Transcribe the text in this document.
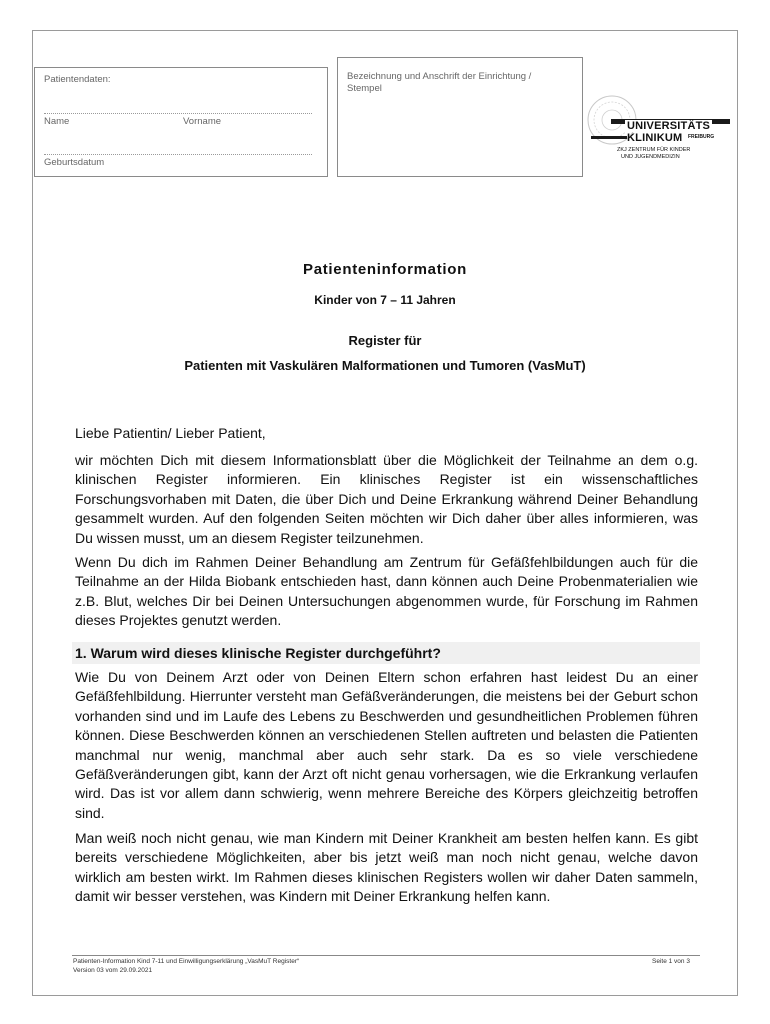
Patientendaten:
Name	Vorname
Geburtsdatum
Bezeichnung und Anschrift der Einrichtung /
Stempel
UNIVERSITÄTS
KLINIKUM FREIBURG
ZKJ ZENTRUM FÜR KINDER
UND JUGENDMEDIZIN
Patienteninformation
Kinder von 7 – 11 Jahren
Register für
Patienten mit Vaskulären Malformationen und Tumoren (VasMuT)

Liebe Patientin/ Lieber Patient,

wir möchten Dich mit diesem Informationsblatt über die Möglichkeit der Teilnahme an dem o.g. klinischen Register informieren. Ein klinisches Register ist ein wissenschaftliches Forschungsvorhaben mit Daten, die über Dich und Deine Erkrankung während Deiner Behandlung gesammelt wurden. Auf den folgenden Seiten möchten wir Dich daher über alles informieren, was Du wissen musst, um an diesem Register teilzunehmen.

Wenn Du dich im Rahmen Deiner Behandlung am Zentrum für Gefäßfehlbildungen auch für die Teilnahme an der Hilda Biobank entschieden hast, dann können auch Deine Probenmaterialien wie z.B. Blut, welches Dir bei Deinen Untersuchungen abgenommen wurde, für Forschung im Rahmen dieses Projektes genutzt werden.

1. Warum wird dieses klinische Register durchgeführt?

Wie Du von Deinem Arzt oder von Deinen Eltern schon erfahren hast leidest Du an einer Gefäßfehlbildung. Hierrunter versteht man Gefäßveränderungen, die meistens bei der Geburt schon vorhanden sind und im Laufe des Lebens zu Beschwerden und gesundheitlichen Problemen führen können. Diese Beschwerden können an verschiedenen Stellen auftreten und belasten die Patienten manchmal nur wenig, manchmal aber auch sehr stark. Da es so viele verschiedene Gefäßveränderungen gibt, kann der Arzt oft nicht genau vorhersagen, wie die Erkrankung verlaufen wird. Das ist vor allem dann schwierig, wenn mehrere Bereiche des Körpers gleichzeitig betroffen sind.

Man weiß noch nicht genau, wie man Kindern mit Deiner Krankheit am besten helfen kann. Es gibt bereits verschiedene Möglichkeiten, aber bis jetzt weiß man noch nicht genau, welche davon wirklich am besten wirkt. Im Rahmen dieses klinischen Registers wollen wir daher Daten sammeln, damit wir besser verstehen, was Kindern mit Deiner Erkrankung helfen kann.

Patienten-Information Kind 7-11 und Einwilligungserklärung „VasMuT Register“
Version 03 vom 29.09.2021
Seite 1 von 3
